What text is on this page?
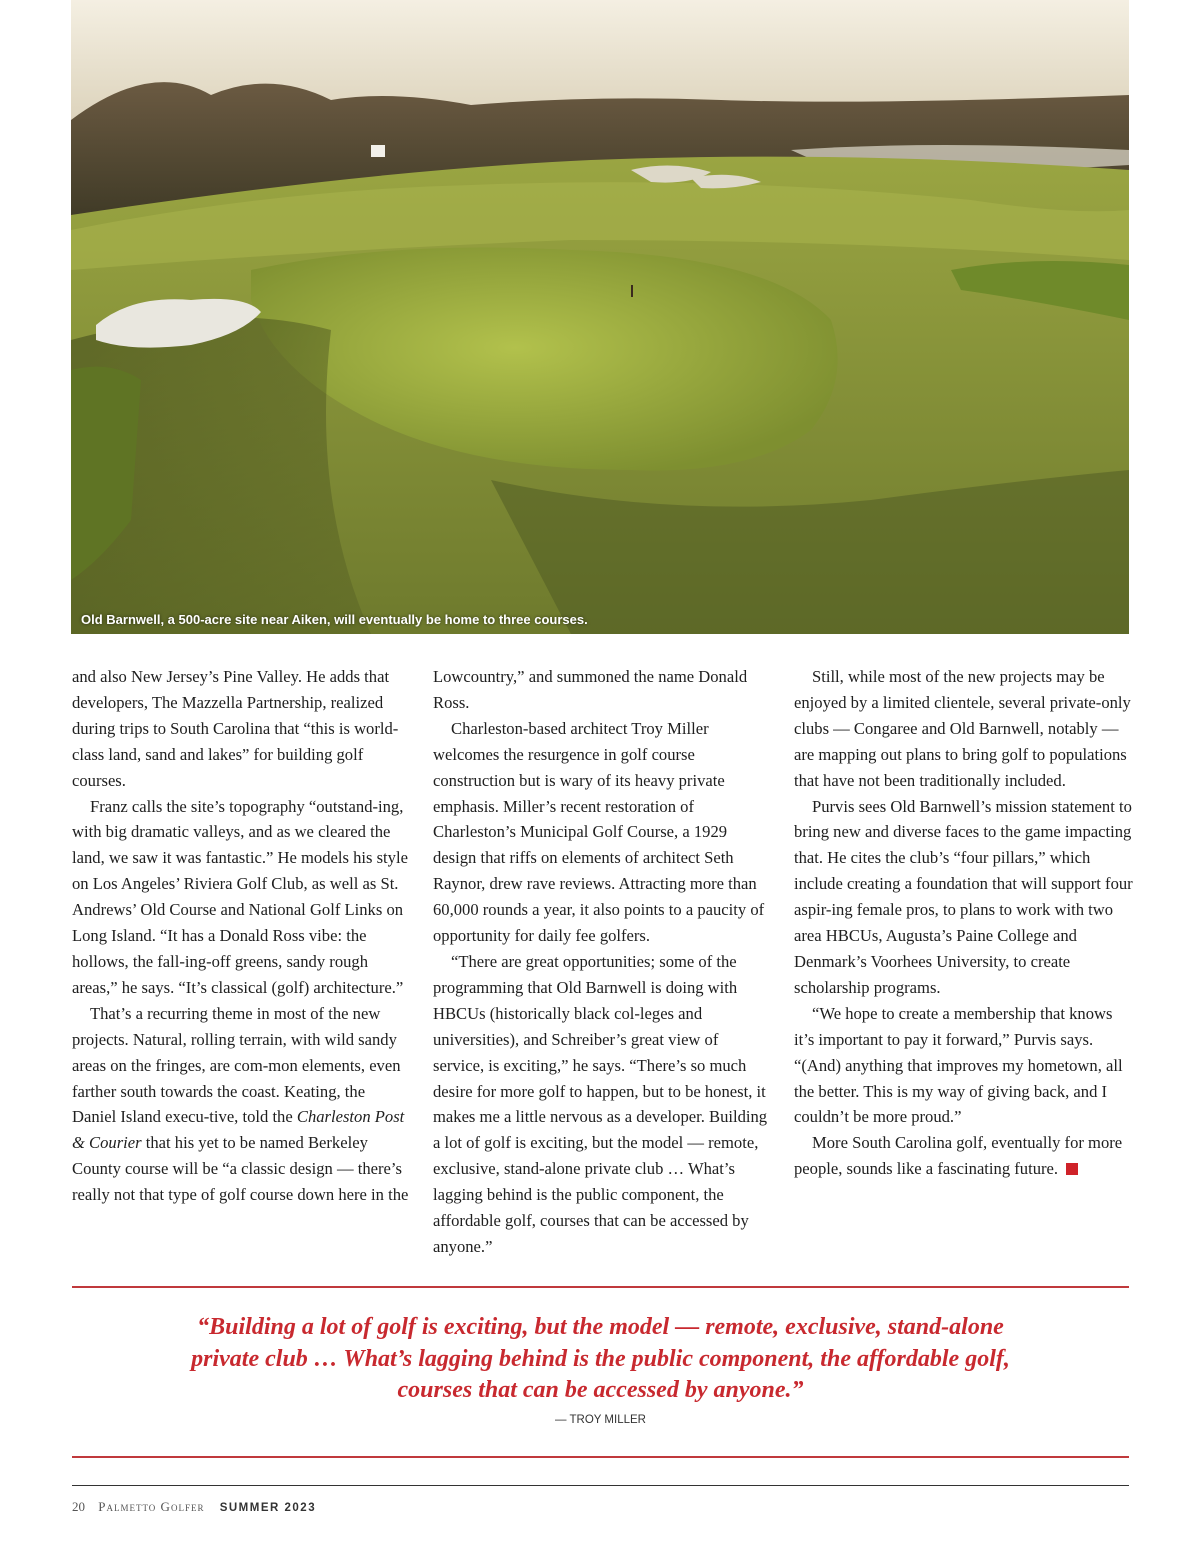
Old Barnwell, a 500-acre site near Aiken, will eventually be home to three courses.

and also New Jersey’s Pine Valley. He adds that developers, The Mazzella Partnership, realized during trips to South Carolina that “this is world-class land, sand and lakes” for building golf courses.

Franz calls the site’s topography “outstand-ing, with big dramatic valleys, and as we cleared the land, we saw it was fantastic.” He models his style on Los Angeles’ Riviera Golf Club, as well as St. Andrews’ Old Course and National Golf Links on Long Island. “It has a Donald Ross vibe: the hollows, the fall-ing-off greens, sandy rough areas,” he says. “It’s classical (golf) architecture.”

That’s a recurring theme in most of the new projects. Natural, rolling terrain, with wild sandy areas on the fringes, are com-mon elements, even farther south towards the coast. Keating, the Daniel Island execu-tive, told the Charleston Post & Courier that his yet to be named Berkeley County course will be “a classic design — there’s really not that type of golf course down here in the

Lowcountry,” and summoned the name Donald Ross.

Charleston-based architect Troy Miller welcomes the resurgence in golf course construction but is wary of its heavy private emphasis. Miller’s recent restoration of Charleston’s Municipal Golf Course, a 1929 design that riffs on elements of architect Seth Raynor, drew rave reviews. Attracting more than 60,000 rounds a year, it also points to a paucity of opportunity for daily fee golfers.

“There are great opportunities; some of the programming that Old Barnwell is doing with HBCUs (historically black col-leges and universities), and Schreiber’s great view of service, is exciting,” he says. “There’s so much desire for more golf to happen, but to be honest, it makes me a little nervous as a developer. Building a lot of golf is exciting, but the model — remote, exclusive, stand-alone private club … What’s lagging behind is the public component, the affordable golf, courses that can be accessed by anyone.”

Still, while most of the new projects may be enjoyed by a limited clientele, several private-only clubs — Congaree and Old Barnwell, notably — are mapping out plans to bring golf to populations that have not been traditionally included.

Purvis sees Old Barnwell’s mission statement to bring new and diverse faces to the game impacting that. He cites the club’s “four pillars,” which include creating a foundation that will support four aspir-ing female pros, to plans to work with two area HBCUs, Augusta’s Paine College and Denmark’s Voorhees University, to create scholarship programs.

“We hope to create a membership that knows it’s important to pay it forward,” Purvis says. “(And) anything that improves my hometown, all the better. This is my way of giving back, and I couldn’t be more proud.”

More South Carolina golf, eventually for more people, sounds like a fascinating future.

“Building a lot of golf is exciting, but the model — remote, exclusive, stand-alone
private club … What’s lagging behind is the public component, the affordable golf,
courses that can be accessed by anyone.”
— TROY MILLER
20 Palmetto Golfer SUMMER 2023
